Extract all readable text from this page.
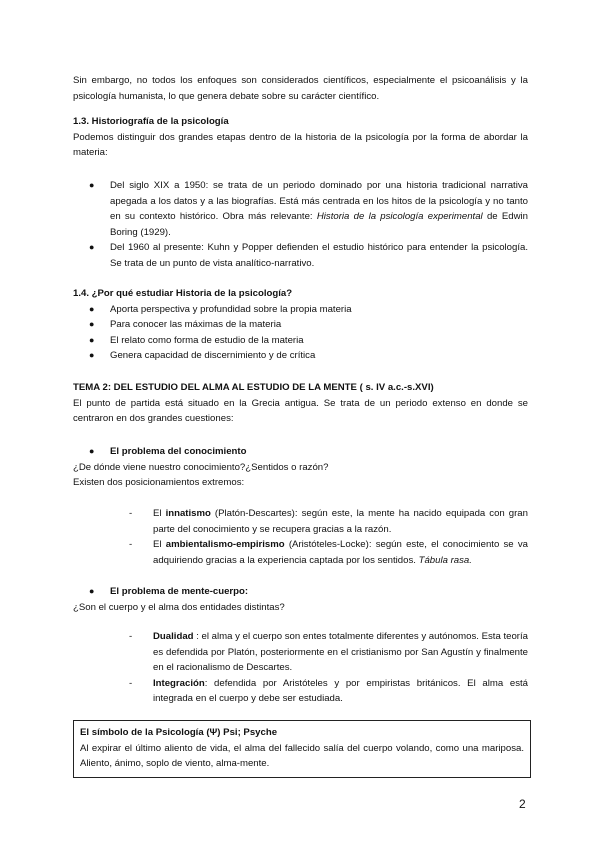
Sin embargo, no todos los enfoques son considerados científicos, especialmente el psicoanálisis y la psicología humanista, lo que genera debate sobre su carácter científico.

1.3. Historiografía de la psicología

Podemos distinguir dos grandes etapas dentro de la historia de la psicología por la forma de abordar la materia:

● Del siglo XIX a 1950: se trata de un periodo dominado por una historia tradicional narrativa apegada a los datos y a las biografías. Está más centrada en los hitos de la psicología y no tanto en su contexto histórico. Obra más relevante: Historia de la psicología experimental de Edwin Boring (1929).
● Del 1960 al presente: Kuhn y Popper defienden el estudio histórico para entender la psicología. Se trata de un punto de vista analítico-narrativo.

1.4. ¿Por qué estudiar Historia de la psicología?

● Aporta perspectiva y profundidad sobre la propia materia
● Para conocer las máximas de la materia
● El relato como forma de estudio de la materia
● Genera capacidad de discernimiento y de crítica

TEMA 2: DEL ESTUDIO DEL ALMA AL ESTUDIO DE LA MENTE ( s. IV a.c.-s.XVI)

El punto de partida está situado en la Grecia antigua. Se trata de un periodo extenso en donde se centraron en dos grandes cuestiones:

● El problema del conocimiento

¿De dónde viene nuestro conocimiento?¿Sentidos o razón?

Existen dos posicionamientos extremos:

- El innatismo (Platón-Descartes): según este, la mente ha nacido equipada con gran parte del conocimiento y se recupera gracias a la razón.
- El ambientalismo-empirismo (Aristóteles-Locke): según este, el conocimiento se va adquiriendo gracias a la experiencia captada por los sentidos. Tábula rasa.
● El problema de mente-cuerpo:

¿Son el cuerpo y el alma dos entidades distintas?

- Dualidad : el alma y el cuerpo son entes totalmente diferentes y autónomos. Esta teoría es defendida por Platón, posteriormente en el cristianismo por San Agustín y finalmente en el racionalismo de Descartes.
- Integración: defendida por Aristóteles y por empiristas británicos. El alma está integrada en el cuerpo y debe ser estudiada.

El símbolo de la Psicología (Ψ) Psi; Psyche

Al expirar el último aliento de vida, el alma del fallecido salía del cuerpo volando, como una mariposa. Aliento, ánimo, soplo de viento, alma-mente.

2
